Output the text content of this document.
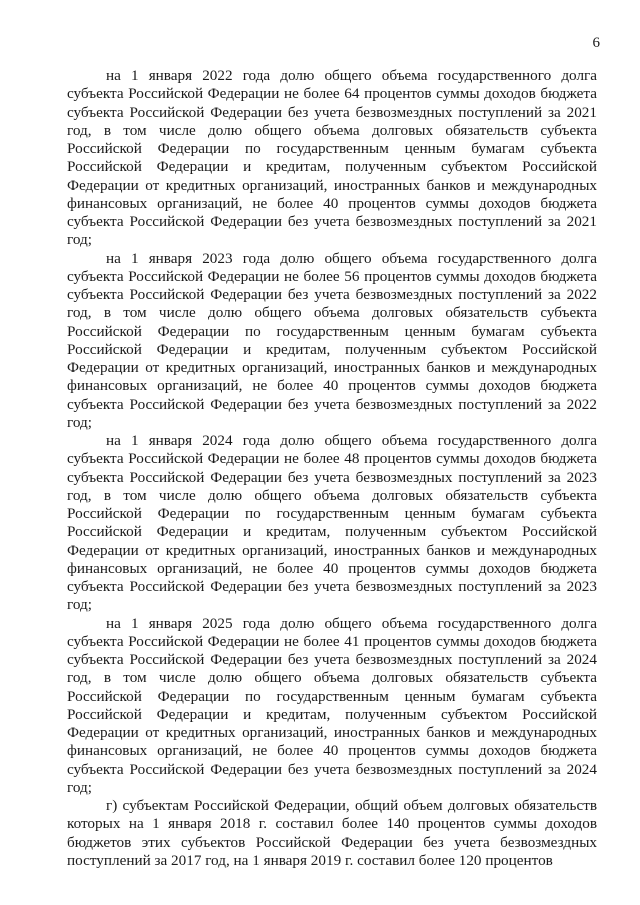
6

на 1 января 2022 года долю общего объема государственного долга субъекта Российской Федерации не более 64 процентов суммы доходов бюджета субъекта Российской Федерации без учета безвозмездных поступлений за 2021 год, в том числе долю общего объема долговых обязательств субъекта Российской Федерации по государственным ценным бумагам субъекта Российской Федерации и кредитам, полученным субъектом Российской Федерации от кредитных организаций, иностранных банков и международных финансовых организаций, не более 40 процентов суммы доходов бюджета субъекта Российской Федерации без учета безвозмездных поступлений за 2021 год;

на 1 января 2023 года долю общего объема государственного долга субъекта Российской Федерации не более 56 процентов суммы доходов бюджета субъекта Российской Федерации без учета безвозмездных поступлений за 2022 год, в том числе долю общего объема долговых обязательств субъекта Российской Федерации по государственным ценным бумагам субъекта Российской Федерации и кредитам, полученным субъектом Российской Федерации от кредитных организаций, иностранных банков и международных финансовых организаций, не более 40 процентов суммы доходов бюджета субъекта Российской Федерации без учета безвозмездных поступлений за 2022 год;

на 1 января 2024 года долю общего объема государственного долга субъекта Российской Федерации не более 48 процентов суммы доходов бюджета субъекта Российской Федерации без учета безвозмездных поступлений за 2023 год, в том числе долю общего объема долговых обязательств субъекта Российской Федерации по государственным ценным бумагам субъекта Российской Федерации и кредитам, полученным субъектом Российской Федерации от кредитных организаций, иностранных банков и международных финансовых организаций, не более 40 процентов суммы доходов бюджета субъекта Российской Федерации без учета безвозмездных поступлений за 2023 год;

на 1 января 2025 года долю общего объема государственного долга субъекта Российской Федерации не более 41 процентов суммы доходов бюджета субъекта Российской Федерации без учета безвозмездных поступлений за 2024 год, в том числе долю общего объема долговых обязательств субъекта Российской Федерации по государственным ценным бумагам субъекта Российской Федерации и кредитам, полученным субъектом Российской Федерации от кредитных организаций, иностранных банков и международных финансовых организаций, не более 40 процентов суммы доходов бюджета субъекта Российской Федерации без учета безвозмездных поступлений за 2024 год;

г) субъектам Российской Федерации, общий объем долговых обязательств которых на 1 января 2018 г. составил более 140 процентов суммы доходов бюджетов этих субъектов Российской Федерации без учета безвозмездных поступлений за 2017 год, на 1 января 2019 г. составил более 120 процентов
